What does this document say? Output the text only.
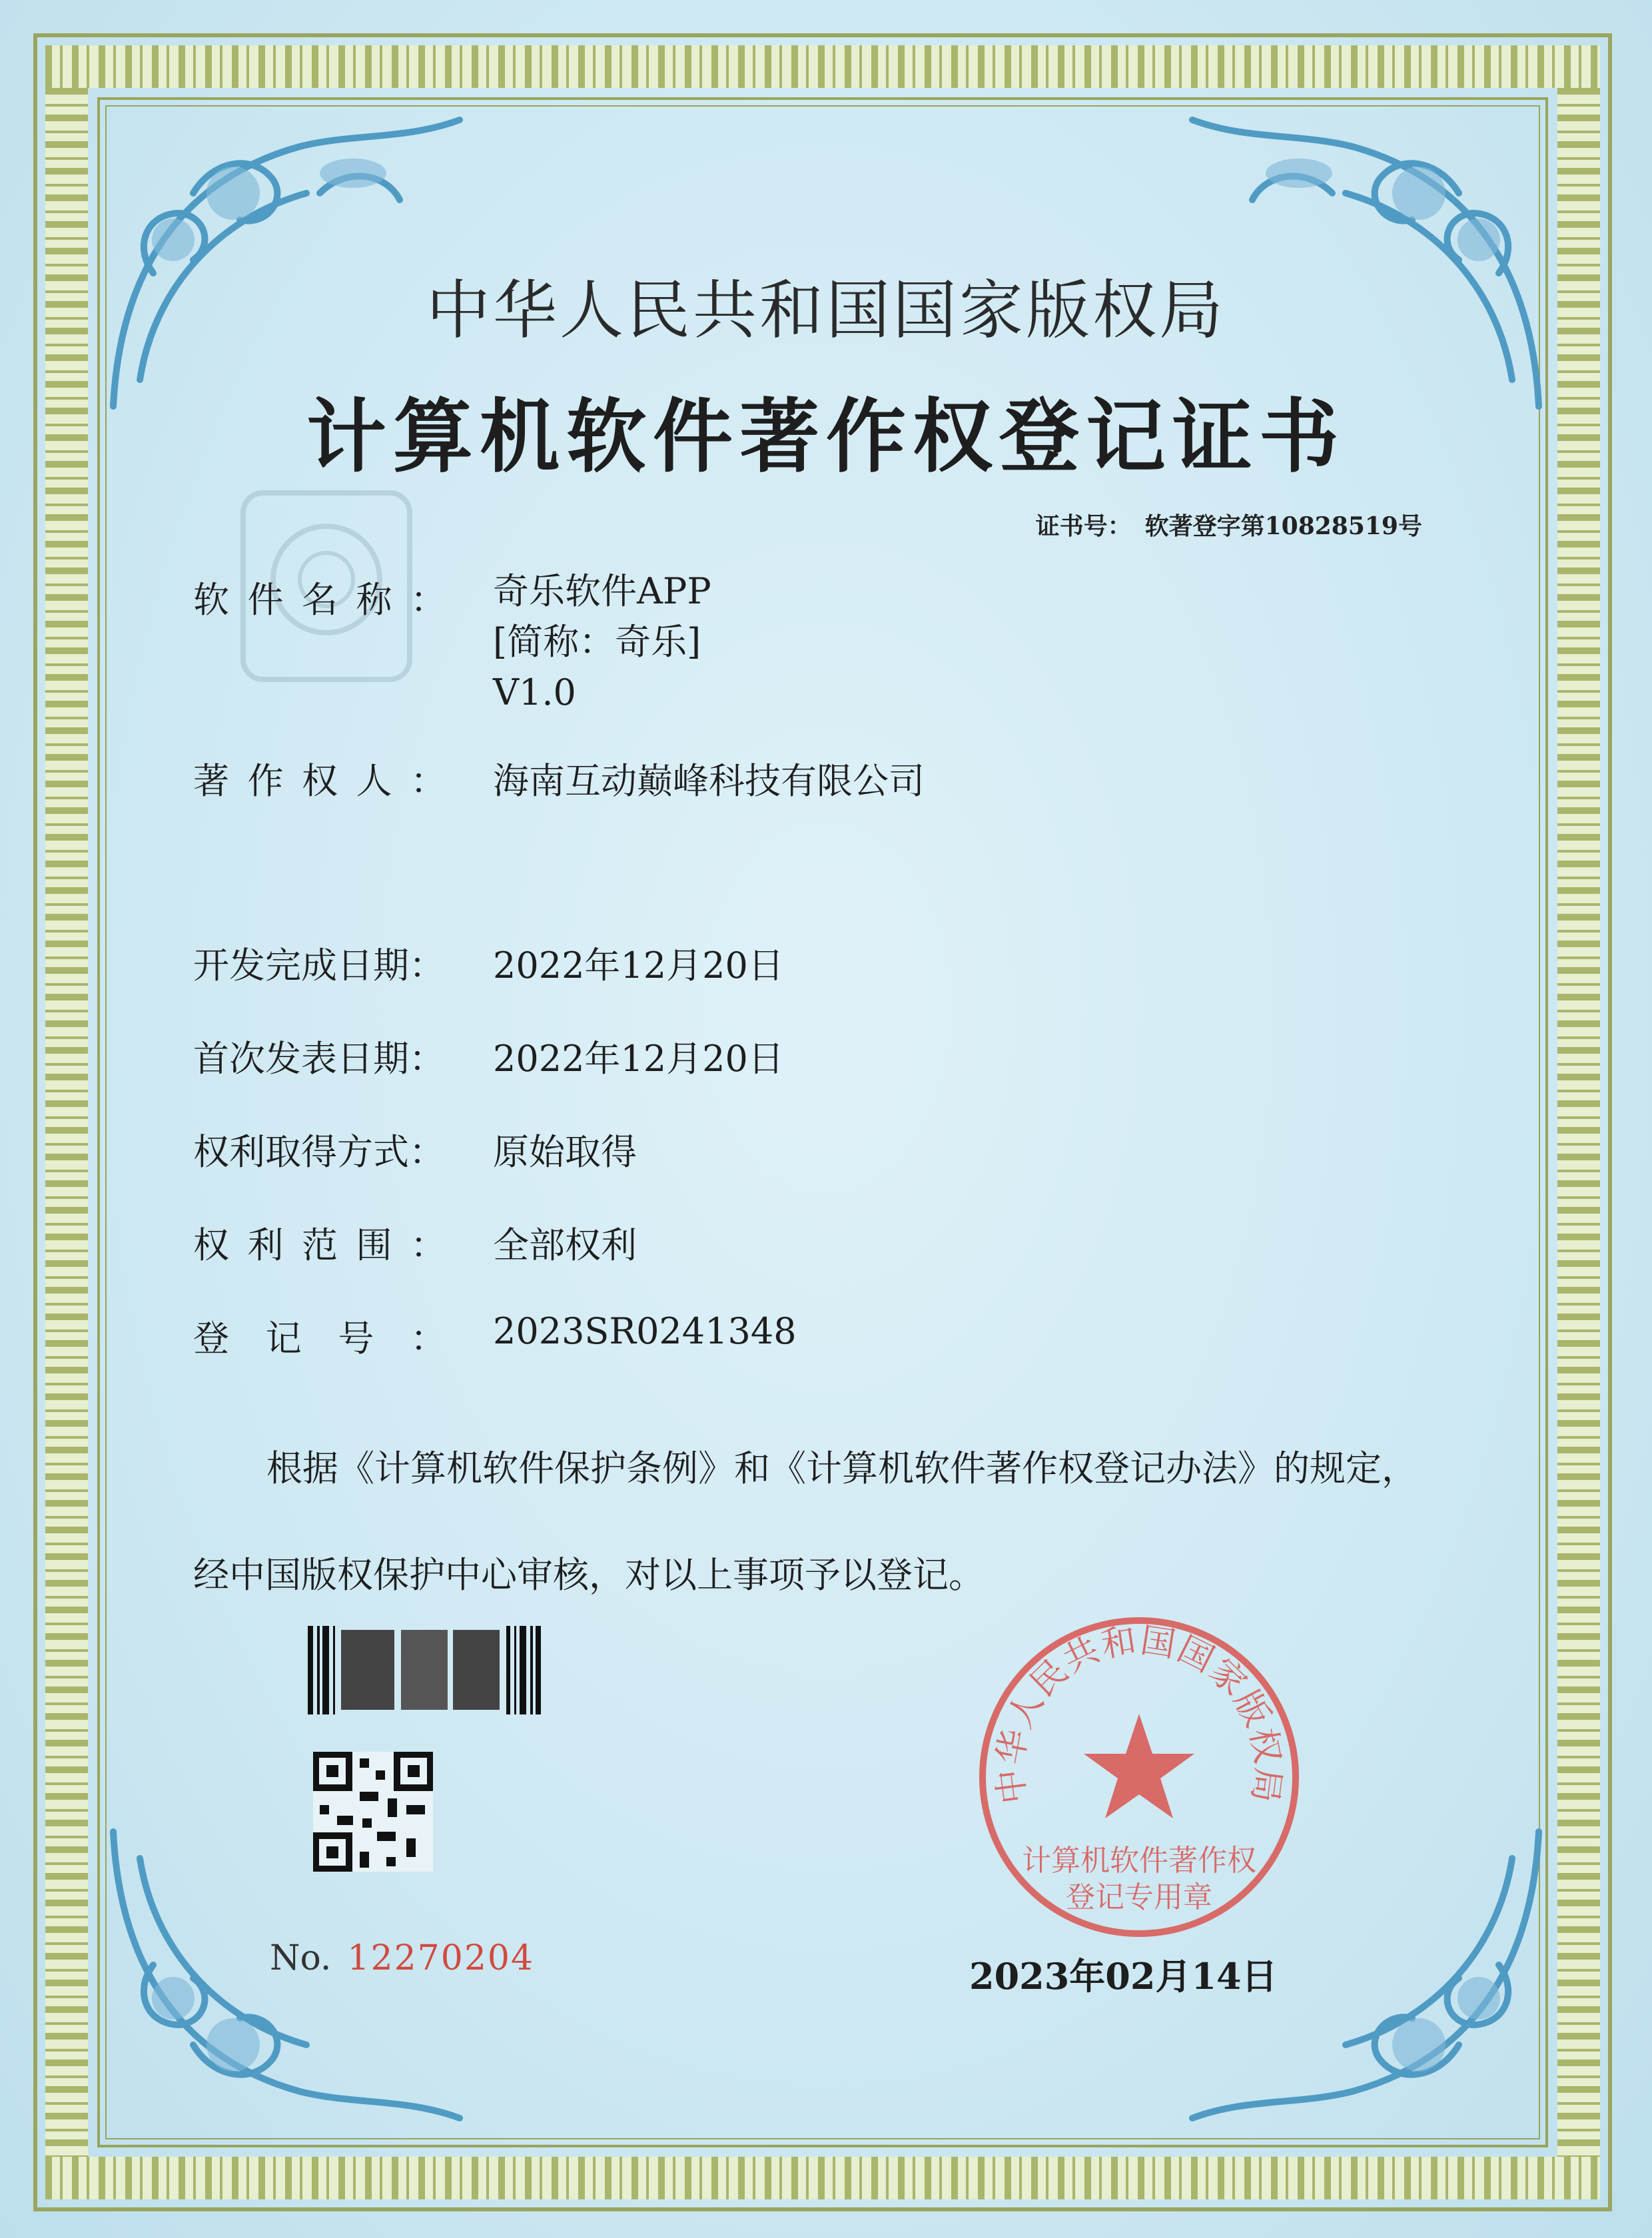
中华人民共和国国家版权局
计算机软件著作权登记证书
证书号： 软著登字第10828519号
软件名称： 奇乐软件APP
[简称：奇乐]
V1.0
著作权人： 海南互动巅峰科技有限公司
开发完成日期： 2022年12月20日
首次发表日期： 2022年12月20日
权利取得方式： 原始取得
权利范围： 全部权利
登记号： 2023SR0241348
根据《计算机软件保护条例》和《计算机软件著作权登记办法》的规定，经中国版权保护中心审核，对以上事项予以登记。
No. 12270204
中华人民共和国国家版权局
计算机软件著作权
登记专用章
2023年02月14日
